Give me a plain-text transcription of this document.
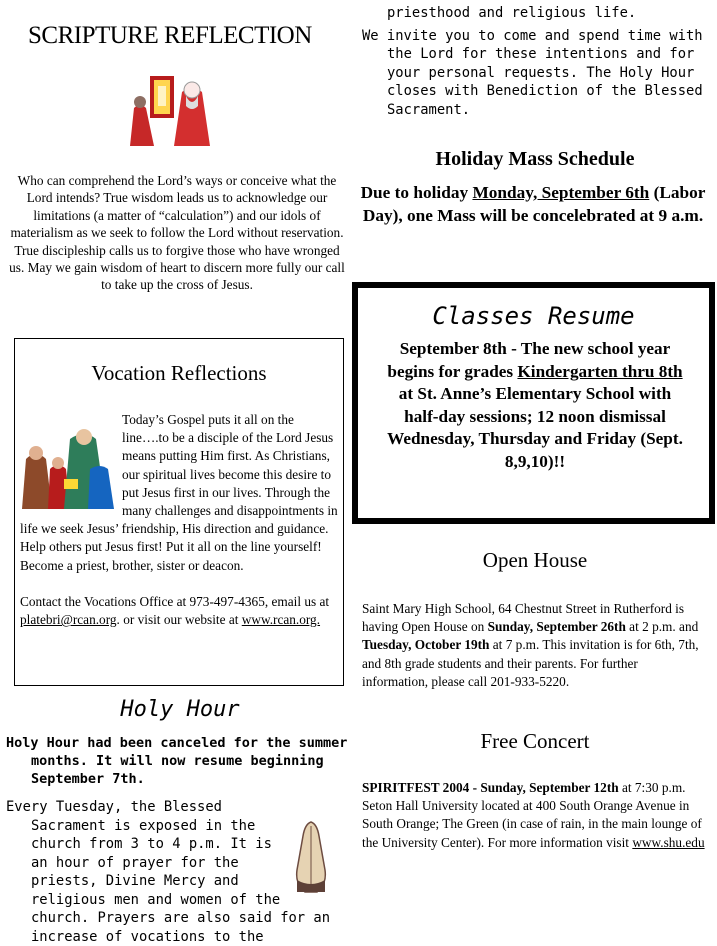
SCRIPTURE REFLECTION
Who can comprehend the Lord’s ways or conceive what the Lord intends? True wisdom leads us to acknowledge our limitations (a matter of “calculation”) and our idols of materialism as we seek to follow the Lord without reservation. True discipleship calls us to forgive those who have wronged us. May we gain wisdom of heart to discern more fully our call to take up the cross of Jesus.
Vocation Reflections
Today’s Gospel puts it all on the line….to be a disciple of the Lord Jesus means putting Him first. As Christians, our spiritual lives become this desire to put Jesus first in our lives. Through the many challenges and disappointments in life we seek Jesus’ friendship, His direction and guidance. Help others put Jesus first! Put it all on the line yourself! Become a priest, brother, sister or deacon.

Contact the Vocations Office at 973-497-4365, email us at platebri@rcan.org. or visit our website at www.rcan.org.
Holy Hour

Holy Hour had been canceled for the summer months. It will now resume beginning September 7th.

Every Tuesday, the Blessed Sacrament is exposed in the church from 3 to 4 p.m. It is an hour of prayer for the priests, Divine Mercy and religious men and women of the church. Prayers are also said for an increase of vocations to the

priesthood and religious life.

We invite you to come and spend time with the Lord for these intentions and for your personal requests. The Holy Hour closes with Benediction of the Blessed Sacrament.

Holiday Mass Schedule
Due to holiday Monday, September 6th (Labor Day), one Mass will be concelebrated at 9 a.m.
Classes Resume
September 8th - The new school year begins for grades Kindergarten thru 8th at St. Anne’s Elementary School with half-day sessions; 12 noon dismissal Wednesday, Thursday and Friday (Sept. 8,9,10)!!
Open House
Saint Mary High School, 64 Chestnut Street in Rutherford is having Open House on Sunday, September 26th at 2 p.m. and Tuesday, October 19th at 7 p.m. This invitation is for 6th, 7th, and 8th grade students and their parents. For further information, please call 201-933-5220.
Free Concert
SPIRITFEST 2004 - Sunday, September 12th at 7:30 p.m. Seton Hall University located at 400 South Orange Avenue in South Orange; The Green (in case of rain, in the main lounge of the University Center). For more information visit www.shu.edu
